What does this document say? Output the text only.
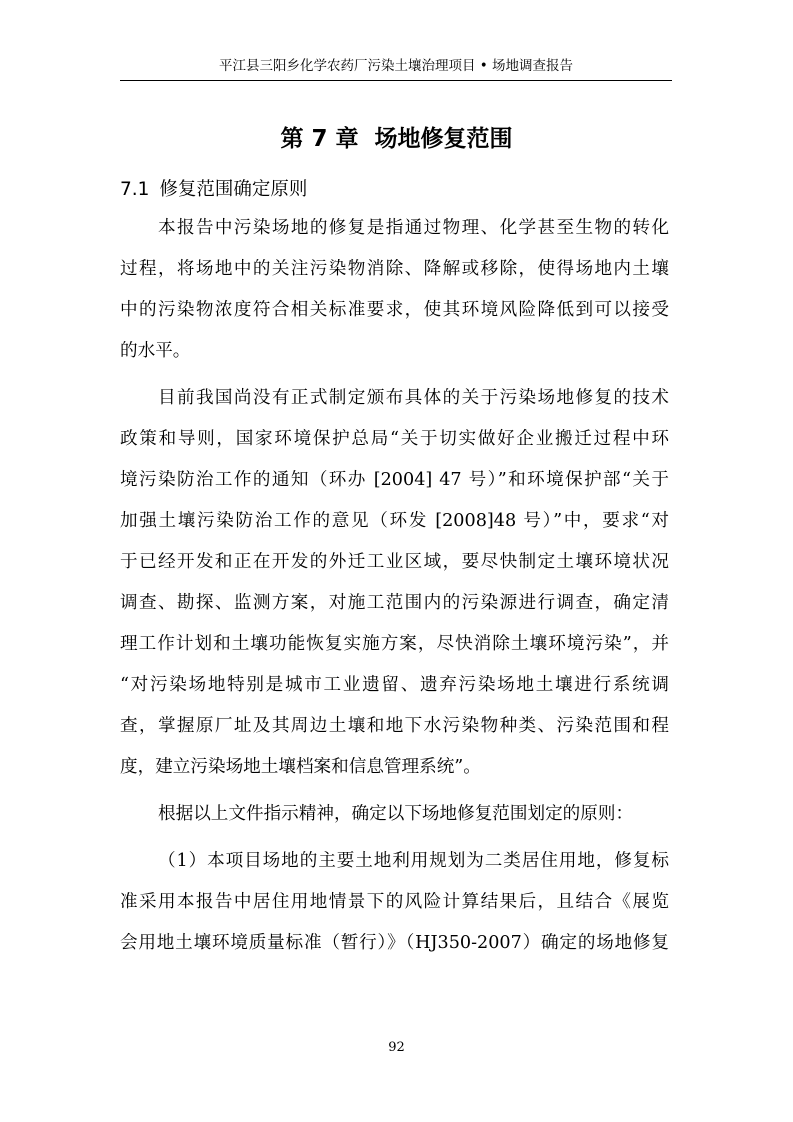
平江县三阳乡化学农药厂污染土壤治理项目 • 场地调查报告
第 7 章  场地修复范围
7.1 修复范围确定原则
本报告中污染场地的修复是指通过物理、化学甚至生物的转化
过程，将场地中的关注污染物消除、降解或移除，使得场地内土壤
中的污染物浓度符合相关标准要求，使其环境风险降低到可以接受
的水平。
目前我国尚没有正式制定颁布具体的关于污染场地修复的技术
政策和导则，国家环境保护总局“关于切实做好企业搬迁过程中环
境污染防治工作的通知（环办 [2004] 47 号）”和环境保护部“关于
加强土壤污染防治工作的意见（环发 [2008]48 号）”中，要求“对
于已经开发和正在开发的外迁工业区域，要尽快制定土壤环境状况
调查、勘探、监测方案，对施工范围内的污染源进行调查，确定清
理工作计划和土壤功能恢复实施方案，尽快消除土壤环境污染”，并
“对污染场地特别是城市工业遗留、遗弃污染场地土壤进行系统调
查，掌握原厂址及其周边土壤和地下水污染物种类、污染范围和程
度，建立污染场地土壤档案和信息管理系统”。
根据以上文件指示精神，确定以下场地修复范围划定的原则：
（1）本项目场地的主要土地利用规划为二类居住用地，修复标
准采用本报告中居住用地情景下的风险计算结果后，且结合《展览
会用地土壤环境质量标准（暂行）》（HJ350-2007）确定的场地修复
92
